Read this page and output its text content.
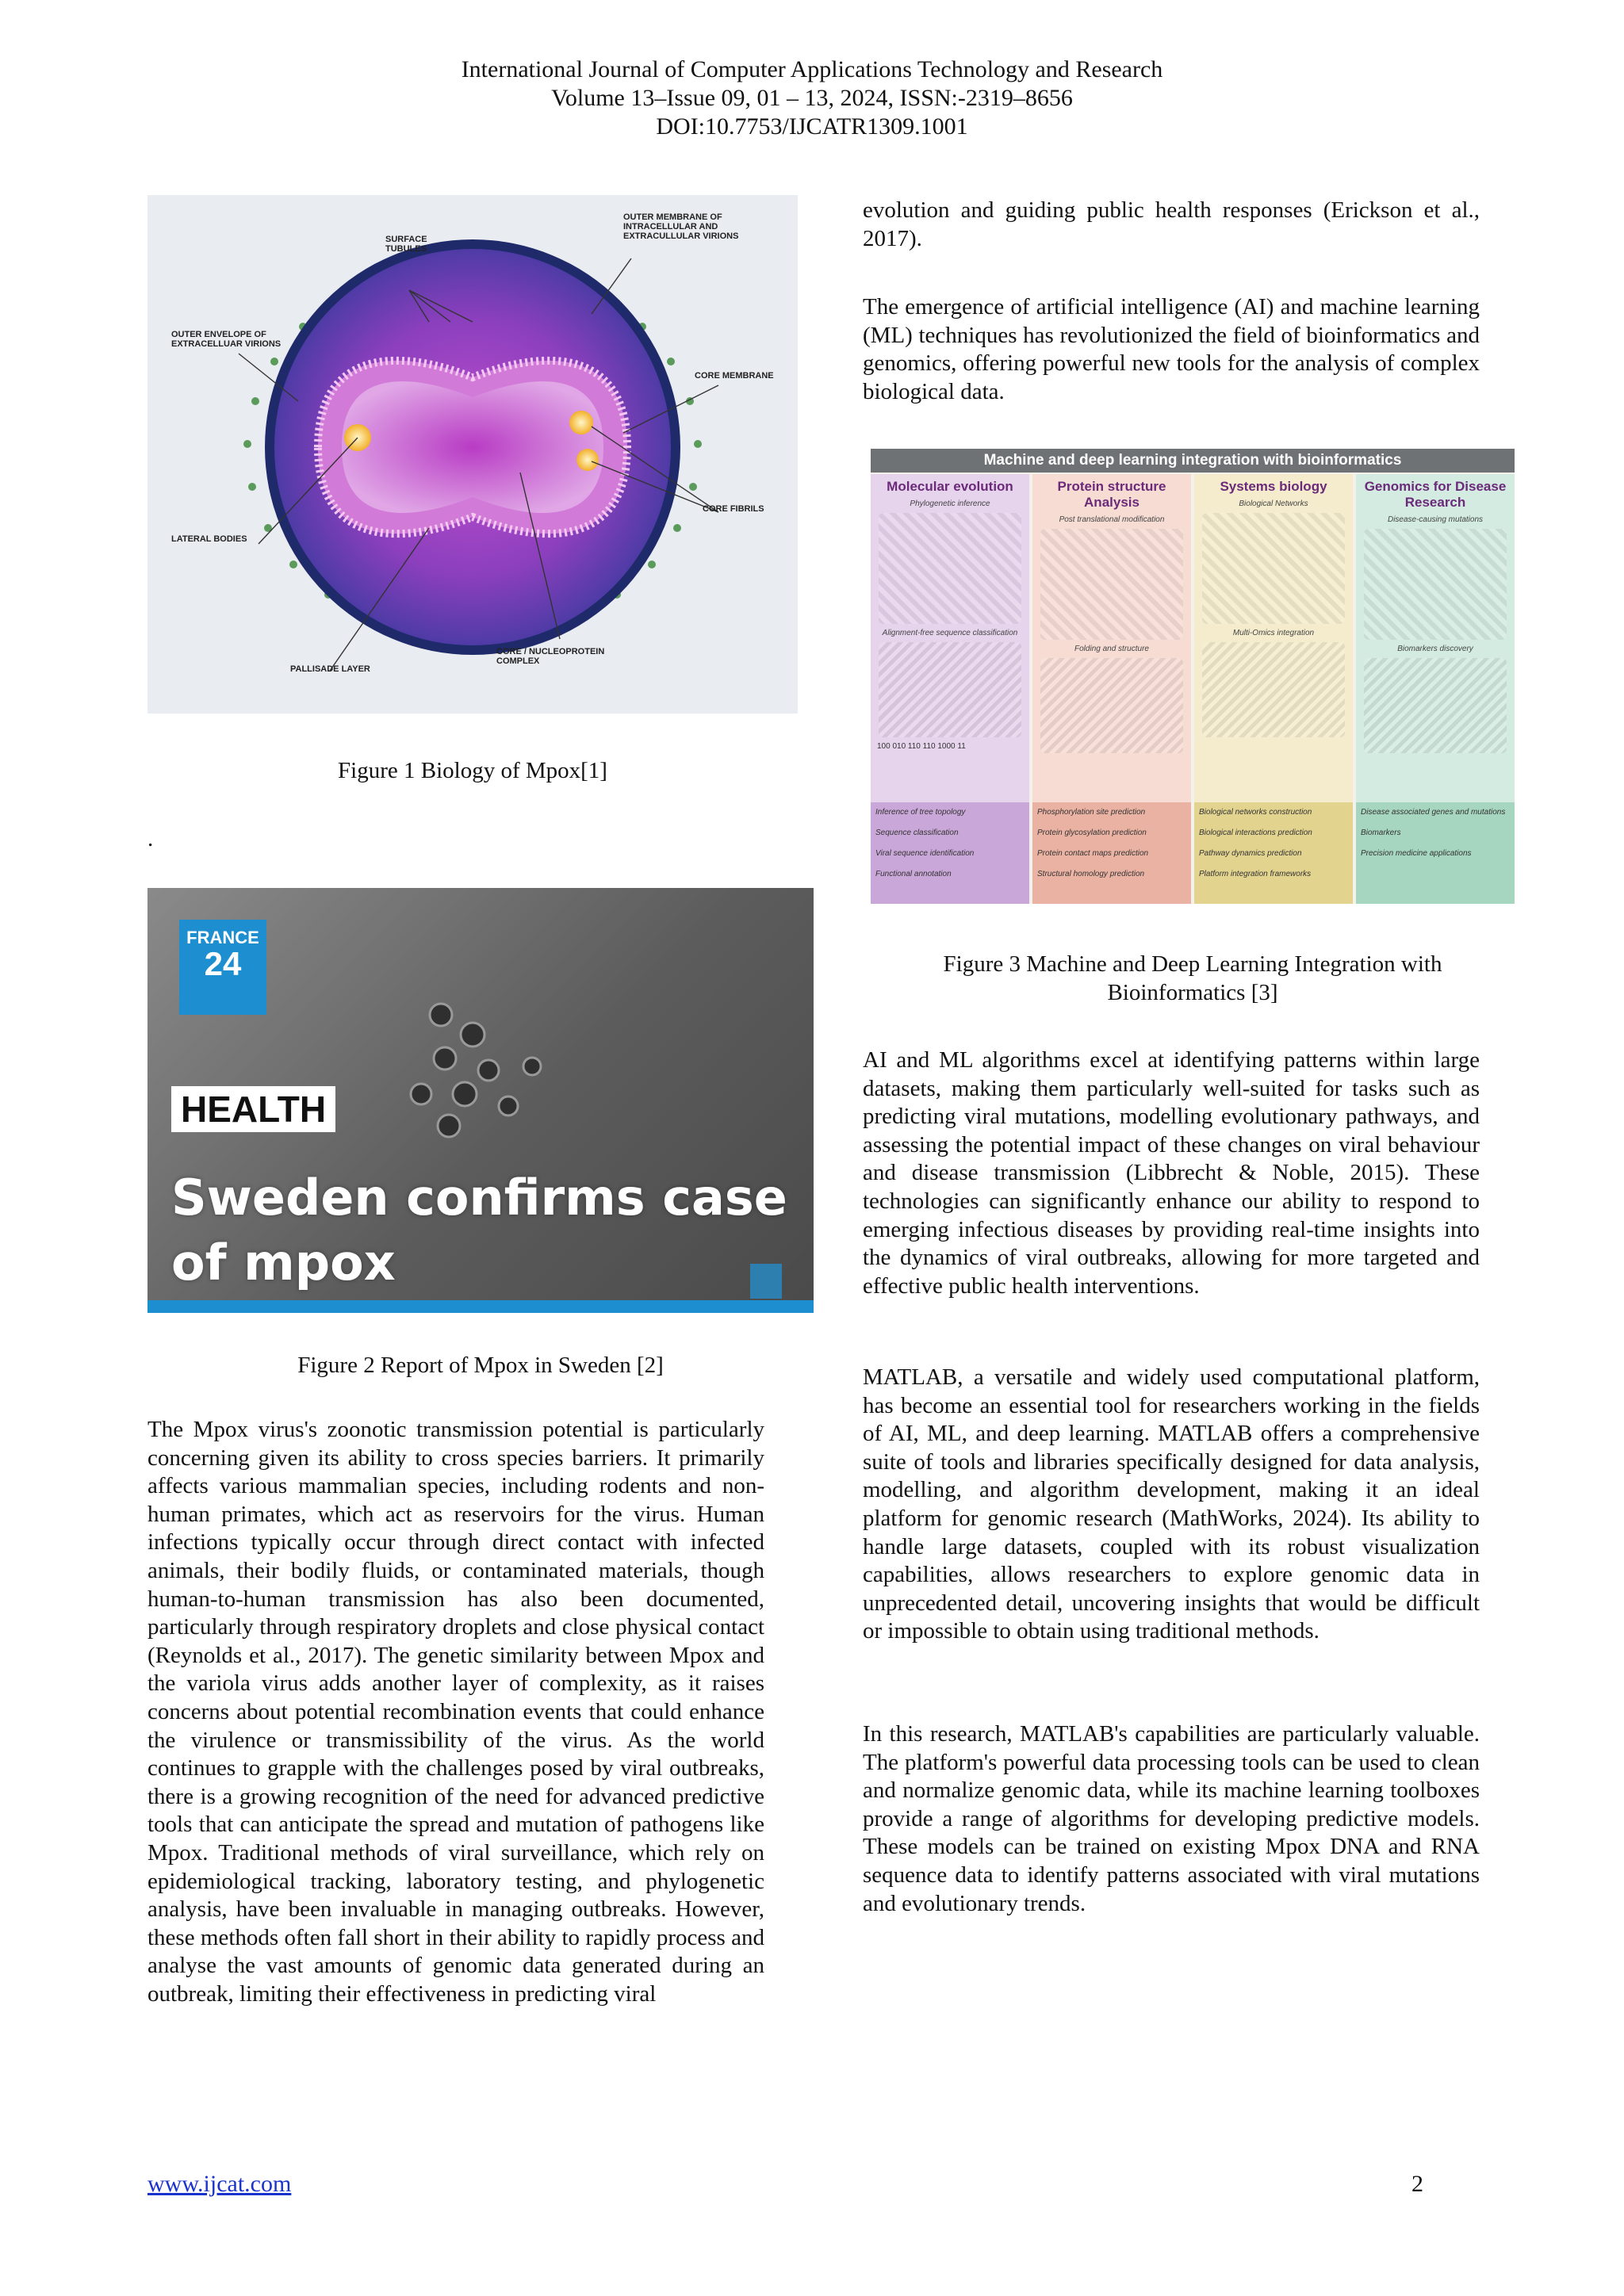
International Journal of Computer Applications Technology and Research
Volume 13–Issue 09, 01 – 13, 2024, ISSN:-2319–8656
DOI:10.7753/IJCATR1309.1001
OUTER MEMBRANE OF INTRACELLULAR AND EXTRACULLULAR VIRIONS
SURFACE TUBULES
OUTER ENVELOPE OF EXTRACELLUAR VIRIONS
CORE MEMBRANE
CORE FIBRILS
LATERAL BODIES
PALLISADE LAYER
CORE / NUCLEOPROTEIN COMPLEX
Figure 1 Biology of Mpox[1]
.
FRANCE
24
HEALTH
Sweden confirms case
of mpox
Figure 2 Report of Mpox in Sweden [2]

The Mpox virus's zoonotic transmission potential is particularly concerning given its ability to cross species barriers. It primarily affects various mammalian species, including rodents and non-human primates, which act as reservoirs for the virus. Human infections typically occur through direct contact with infected animals, their bodily fluids, or contaminated materials, though human-to-human transmission has also been documented, particularly through respiratory droplets and close physical contact (Reynolds et al., 2017). The genetic similarity between Mpox and the variola virus adds another layer of complexity, as it raises concerns about potential recombination events that could enhance the virulence or transmissibility of the virus. As the world continues to grapple with the challenges posed by viral outbreaks, there is a growing recognition of the need for advanced predictive tools that can anticipate the spread and mutation of pathogens like Mpox. Traditional methods of viral surveillance, which rely on epidemiological tracking, laboratory testing, and phylogenetic analysis, have been invaluable in managing outbreaks. However, these methods often fall short in their ability to rapidly process and analyse the vast amounts of genomic data generated during an outbreak, limiting their effectiveness in predicting viral

evolution and guiding public health responses (Erickson et al., 2017).

The emergence of artificial intelligence (AI) and machine learning (ML) techniques has revolutionized the field of bioinformatics and genomics, offering powerful new tools for the analysis of complex biological data.

Machine and deep learning integration with bioinformatics
Molecular evolution
Phylogenetic inference
Alignment-free sequence classification
100 010 110 110 1000 11
Inference of tree topology
Sequence classification
Viral sequence identification
Functional annotation
Protein structure Analysis
Post translational modification
Folding and structure
Phosphorylation site prediction
Protein glycosylation prediction
Protein contact maps prediction
Structural homology prediction
Systems biology
Biological Networks
Multi-Omics integration
Biological networks construction
Biological interactions prediction
Pathway dynamics prediction
Platform integration frameworks
Genomics for Disease Research
Disease-causing mutations
Biomarkers discovery
Disease associated genes and mutations
Biomarkers
Precision medicine applications
Figure 3 Machine and Deep Learning Integration with
Bioinformatics [3]

AI and ML algorithms excel at identifying patterns within large datasets, making them particularly well-suited for tasks such as predicting viral mutations, modelling evolutionary pathways, and assessing the potential impact of these changes on viral behaviour and disease transmission (Libbrecht & Noble, 2015). These technologies can significantly enhance our ability to respond to emerging infectious diseases by providing real-time insights into the dynamics of viral outbreaks, allowing for more targeted and effective public health interventions.

MATLAB, a versatile and widely used computational platform, has become an essential tool for researchers working in the fields of AI, ML, and deep learning. MATLAB offers a comprehensive suite of tools and libraries specifically designed for data analysis, modelling, and algorithm development, making it an ideal platform for genomic research (MathWorks, 2024). Its ability to handle large datasets, coupled with its robust visualization capabilities, allows researchers to explore genomic data in unprecedented detail, uncovering insights that would be difficult or impossible to obtain using traditional methods.

In this research, MATLAB's capabilities are particularly valuable. The platform's powerful data processing tools can be used to clean and normalize genomic data, while its machine learning toolboxes provide a range of algorithms for developing predictive models. These models can be trained on existing Mpox DNA and RNA sequence data to identify patterns associated with viral mutations and evolutionary trends.

www.ijcat.com	2
